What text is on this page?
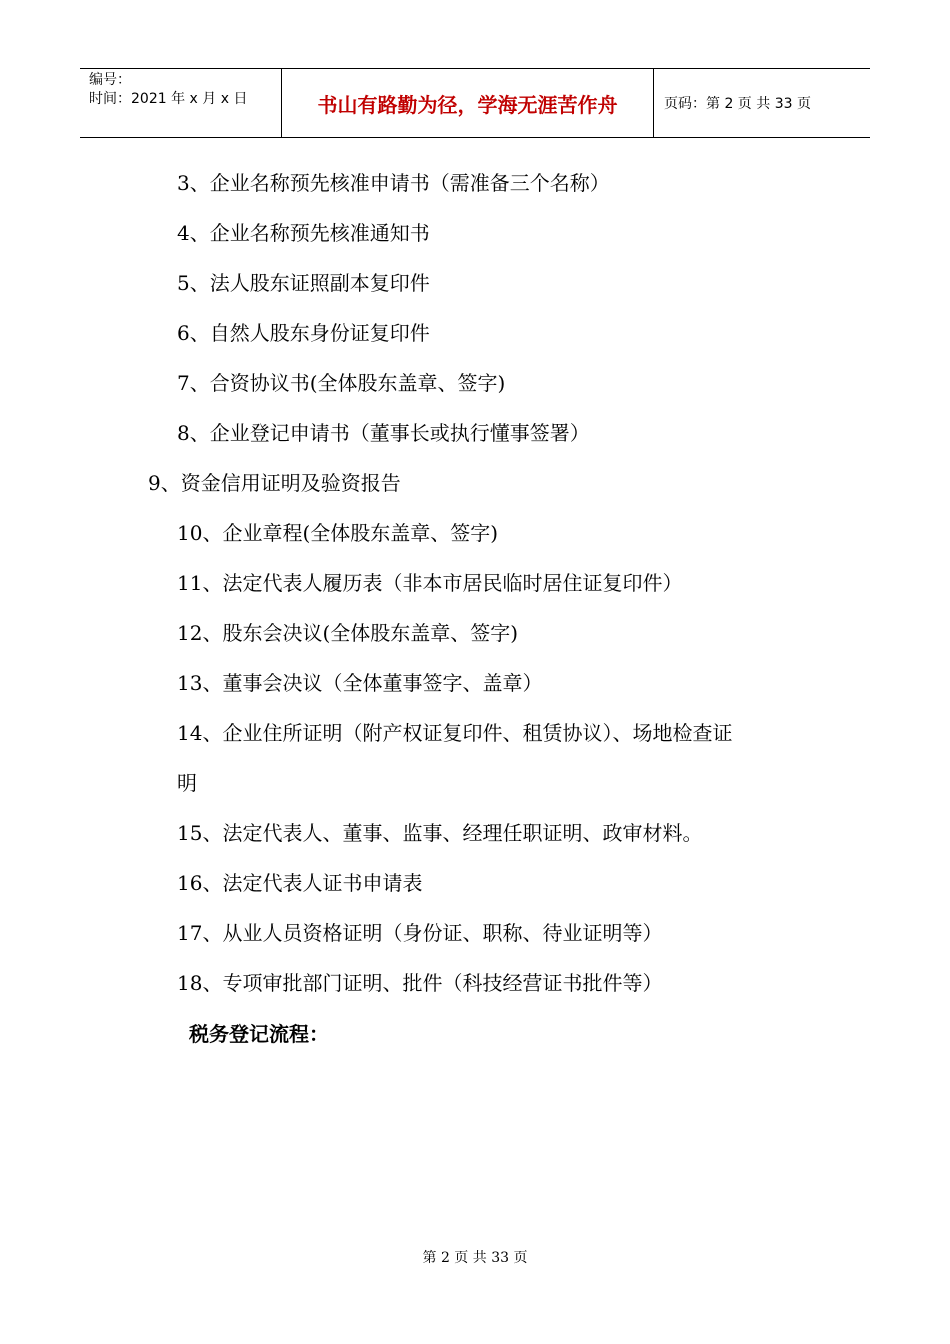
编号：
时间：2021 年 x 月 x 日	书山有路勤为径，学海无涯苦作舟	页码：第 2 页 共 33 页
3、企业名称预先核准申请书（需准备三个名称）
4、企业名称预先核准通知书
5、法人股东证照副本复印件
6、自然人股东身份证复印件
7、合资协议书(全体股东盖章、签字)
8、企业登记申请书（董事长或执行懂事签署）
9、资金信用证明及验资报告
10、企业章程(全体股东盖章、签字)
11、法定代表人履历表（非本市居民临时居住证复印件）
12、股东会决议(全体股东盖章、签字)
13、董事会决议（全体董事签字、盖章）
14、企业住所证明（附产权证复印件、租赁协议）、场地检查证
明
15、法定代表人、董事、监事、经理任职证明、政审材料。
16、法定代表人证书申请表
17、从业人员资格证明（身份证、职称、待业证明等）
18、专项审批部门证明、批件（科技经营证书批件等）
税务登记流程：
第 2 页 共 33 页
